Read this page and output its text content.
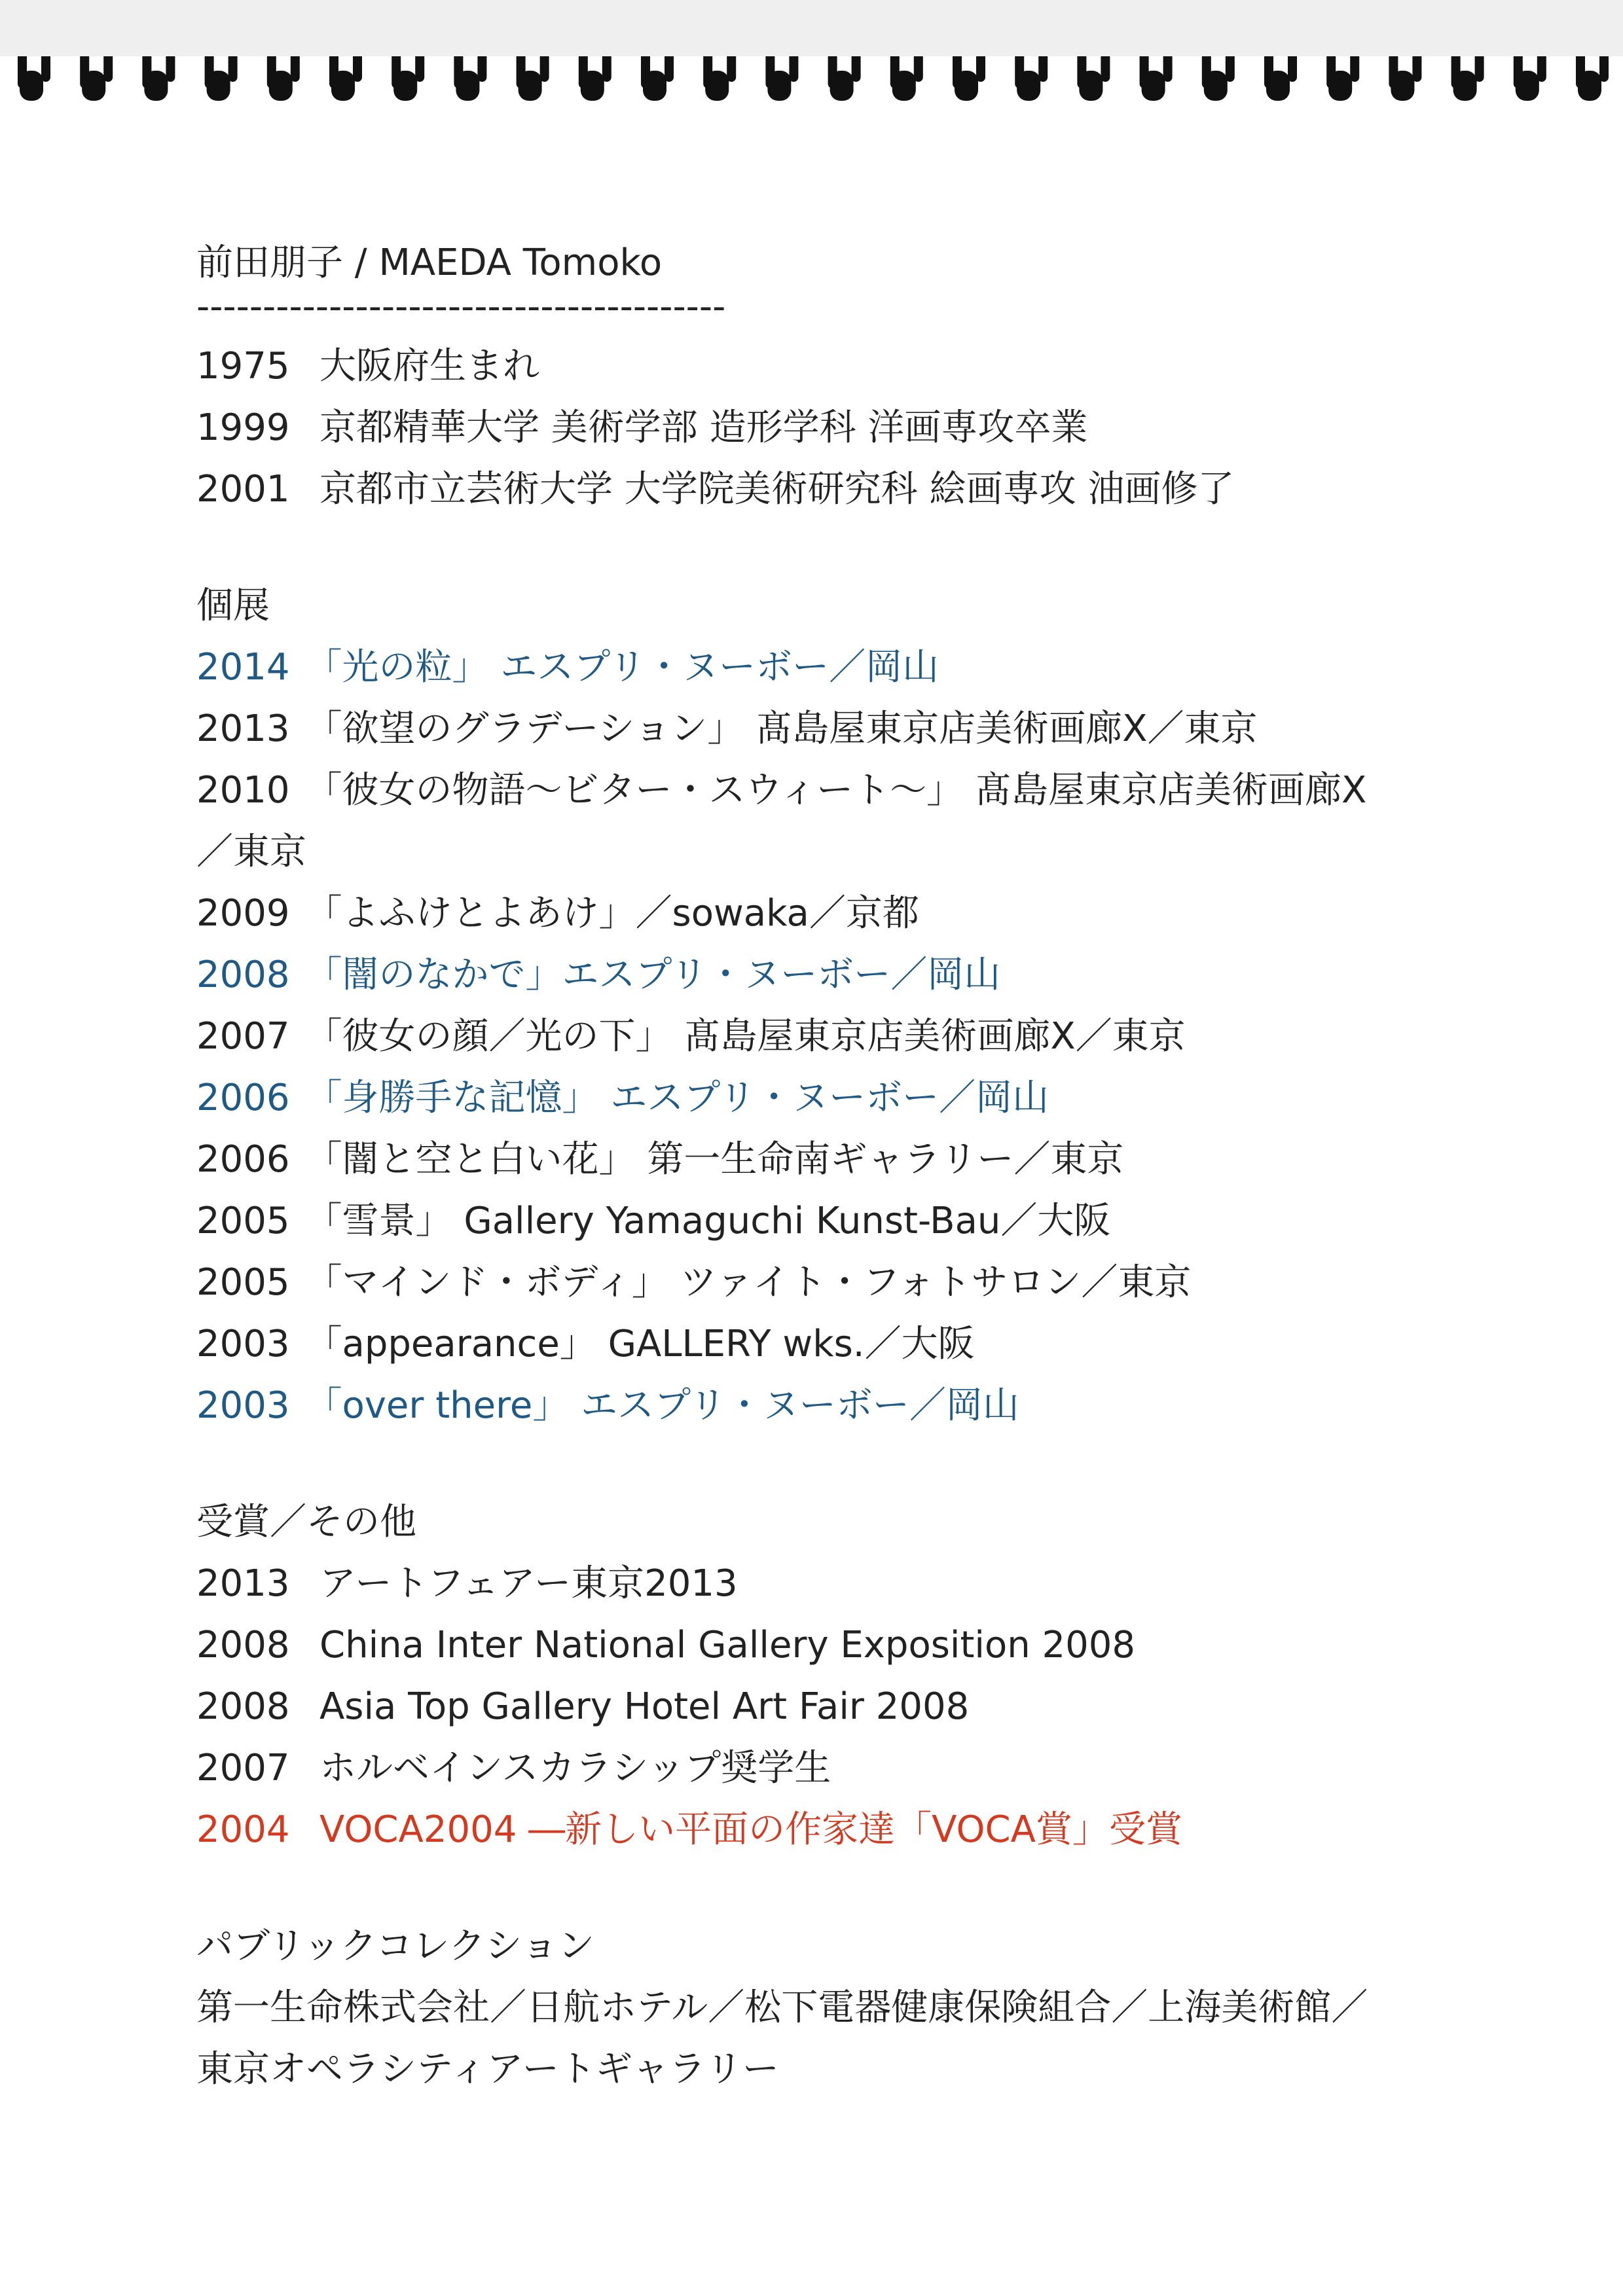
前田朋子 / MAEDA Tomoko
----------------------------------------
1975 大阪府生まれ
1999 京都精華大学 美術学部 造形学科 洋画専攻卒業
2001 京都市立芸術大学 大学院美術研究科 絵画専攻 油画修了
個展
2014 「光の粒」 エスプリ・ヌーボー／岡山
2013 「欲望のグラデーション」 髙島屋東京店美術画廊X／東京
2010 「彼女の物語〜ビター・スウィート〜」 髙島屋東京店美術画廊X
／東京
2009 「よふけとよあけ」／sowaka／京都
2008 「闇のなかで」エスプリ・ヌーボー／岡山
2007 「彼女の顔／光の下」 髙島屋東京店美術画廊X／東京
2006 「身勝手な記憶」 エスプリ・ヌーボー／岡山
2006 「闇と空と白い花」 第一生命南ギャラリー／東京
2005 「雪景」 Gallery Yamaguchi Kunst-Bau／大阪
2005 「マインド・ボディ」 ツァイト・フォトサロン／東京
2003 「appearance」 GALLERY wks.／大阪
2003 「over there」 エスプリ・ヌーボー／岡山
受賞／その他
2013 アートフェアー東京2013
2008 China Inter National Gallery Exposition 2008
2008 Asia Top Gallery Hotel Art Fair 2008
2007 ホルベインスカラシップ奨学生
2004 VOCA2004 ―新しい平面の作家達「VOCA賞」受賞
パブリックコレクション
第一生命株式会社／日航ホテル／松下電器健康保険組合／上海美術館／
東京オペラシティアートギャラリー
